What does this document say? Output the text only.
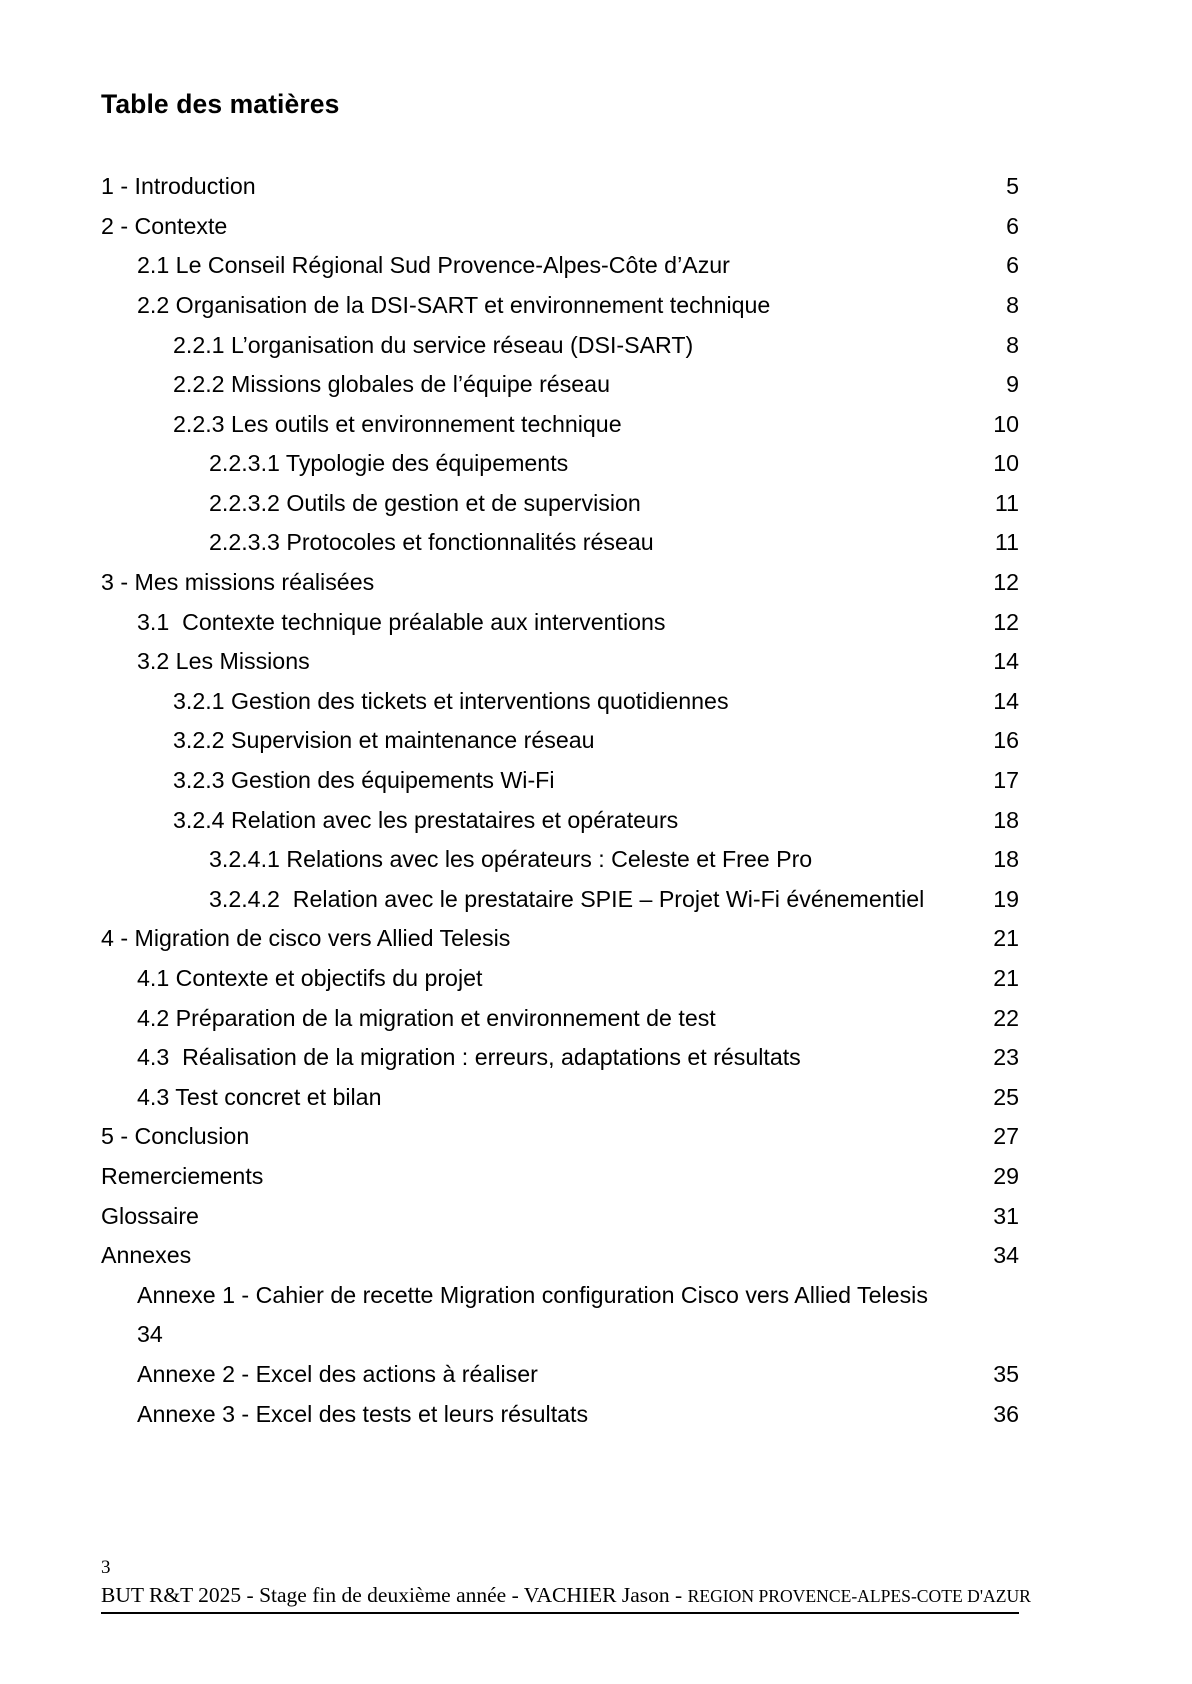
Table des matières
1 - Introduction	5
2 - Contexte	6
2.1 Le Conseil Régional Sud Provence-Alpes-Côte d’Azur	6
2.2 Organisation de la DSI-SART et environnement technique	8
2.2.1 L’organisation du service réseau (DSI-SART)	8
2.2.2 Missions globales de l’équipe réseau	9
2.2.3 Les outils et environnement technique	10
2.2.3.1 Typologie des équipements	10
2.2.3.2 Outils de gestion et de supervision	11
2.2.3.3 Protocoles et fonctionnalités réseau	11
3 - Mes missions réalisées	12
3.1  Contexte technique préalable aux interventions	12
3.2 Les Missions	14
3.2.1 Gestion des tickets et interventions quotidiennes	14
3.2.2 Supervision et maintenance réseau	16
3.2.3 Gestion des équipements Wi-Fi	17
3.2.4 Relation avec les prestataires et opérateurs	18
3.2.4.1 Relations avec les opérateurs : Celeste et Free Pro	18
3.2.4.2  Relation avec le prestataire SPIE – Projet Wi-Fi événementiel	19
4 - Migration de cisco vers Allied Telesis	21
4.1 Contexte et objectifs du projet	21
4.2 Préparation de la migration et environnement de test	22
4.3  Réalisation de la migration : erreurs, adaptations et résultats	23
4.3 Test concret et bilan	25
5 - Conclusion	27
Remerciements	29
Glossaire	31
Annexes	34
Annexe 1 - Cahier de recette Migration configuration Cisco vers Allied Telesis
34
Annexe 2 - Excel des actions à réaliser	35
Annexe 3 - Excel des tests et leurs résultats	36
3
BUT R&T 2025 - Stage fin de deuxième année - VACHIER Jason - REGION PROVENCE-ALPES-COTE D'AZUR
